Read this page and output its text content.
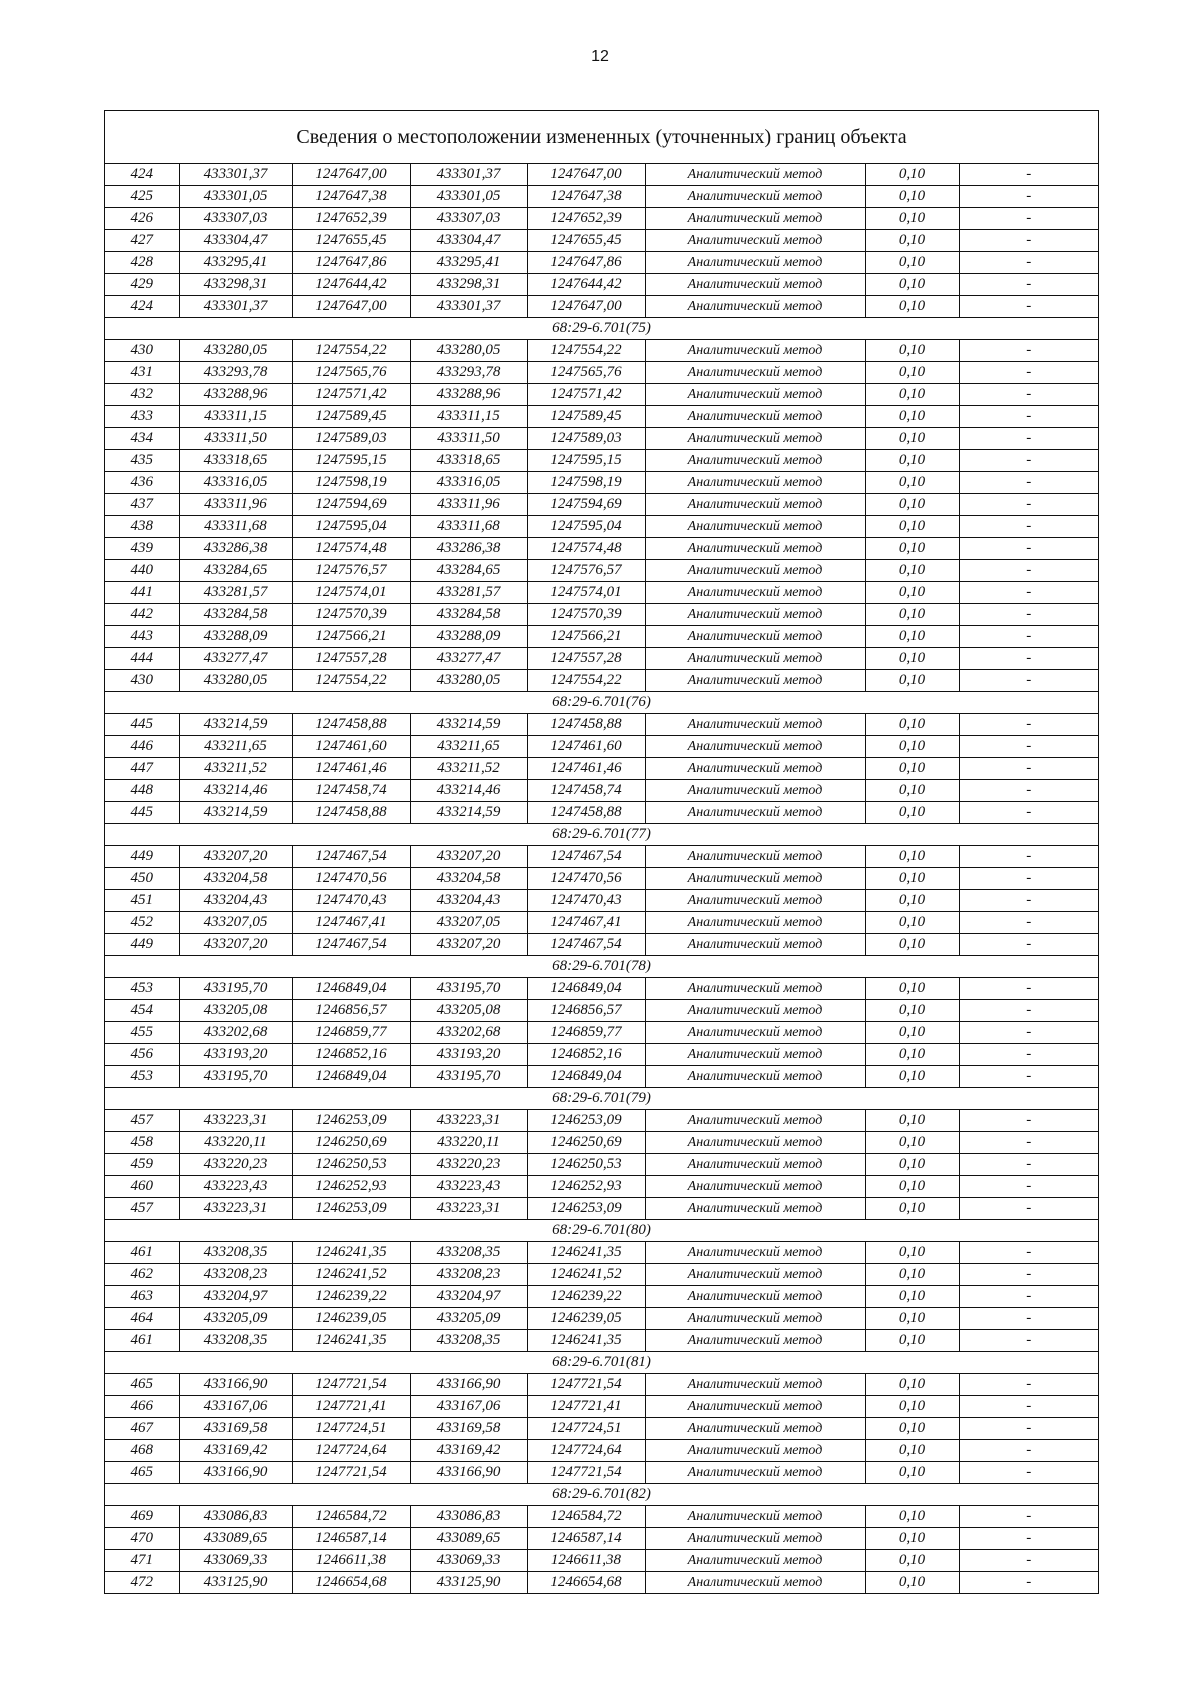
12
Сведения о местоположении измененных (уточненных) границ объекта
424	433301,37	1247647,00	433301,37	1247647,00	Аналитический метод	0,10	-
425	433301,05	1247647,38	433301,05	1247647,38	Аналитический метод	0,10	-
426	433307,03	1247652,39	433307,03	1247652,39	Аналитический метод	0,10	-
427	433304,47	1247655,45	433304,47	1247655,45	Аналитический метод	0,10	-
428	433295,41	1247647,86	433295,41	1247647,86	Аналитический метод	0,10	-
429	433298,31	1247644,42	433298,31	1247644,42	Аналитический метод	0,10	-
424	433301,37	1247647,00	433301,37	1247647,00	Аналитический метод	0,10	-
68:29-6.701(75)							
430	433280,05	1247554,22	433280,05	1247554,22	Аналитический метод	0,10	-
431	433293,78	1247565,76	433293,78	1247565,76	Аналитический метод	0,10	-
432	433288,96	1247571,42	433288,96	1247571,42	Аналитический метод	0,10	-
433	433311,15	1247589,45	433311,15	1247589,45	Аналитический метод	0,10	-
434	433311,50	1247589,03	433311,50	1247589,03	Аналитический метод	0,10	-
435	433318,65	1247595,15	433318,65	1247595,15	Аналитический метод	0,10	-
436	433316,05	1247598,19	433316,05	1247598,19	Аналитический метод	0,10	-
437	433311,96	1247594,69	433311,96	1247594,69	Аналитический метод	0,10	-
438	433311,68	1247595,04	433311,68	1247595,04	Аналитический метод	0,10	-
439	433286,38	1247574,48	433286,38	1247574,48	Аналитический метод	0,10	-
440	433284,65	1247576,57	433284,65	1247576,57	Аналитический метод	0,10	-
441	433281,57	1247574,01	433281,57	1247574,01	Аналитический метод	0,10	-
442	433284,58	1247570,39	433284,58	1247570,39	Аналитический метод	0,10	-
443	433288,09	1247566,21	433288,09	1247566,21	Аналитический метод	0,10	-
444	433277,47	1247557,28	433277,47	1247557,28	Аналитический метод	0,10	-
430	433280,05	1247554,22	433280,05	1247554,22	Аналитический метод	0,10	-
68:29-6.701(76)							
445	433214,59	1247458,88	433214,59	1247458,88	Аналитический метод	0,10	-
446	433211,65	1247461,60	433211,65	1247461,60	Аналитический метод	0,10	-
447	433211,52	1247461,46	433211,52	1247461,46	Аналитический метод	0,10	-
448	433214,46	1247458,74	433214,46	1247458,74	Аналитический метод	0,10	-
445	433214,59	1247458,88	433214,59	1247458,88	Аналитический метод	0,10	-
68:29-6.701(77)							
449	433207,20	1247467,54	433207,20	1247467,54	Аналитический метод	0,10	-
450	433204,58	1247470,56	433204,58	1247470,56	Аналитический метод	0,10	-
451	433204,43	1247470,43	433204,43	1247470,43	Аналитический метод	0,10	-
452	433207,05	1247467,41	433207,05	1247467,41	Аналитический метод	0,10	-
449	433207,20	1247467,54	433207,20	1247467,54	Аналитический метод	0,10	-
68:29-6.701(78)							
453	433195,70	1246849,04	433195,70	1246849,04	Аналитический метод	0,10	-
454	433205,08	1246856,57	433205,08	1246856,57	Аналитический метод	0,10	-
455	433202,68	1246859,77	433202,68	1246859,77	Аналитический метод	0,10	-
456	433193,20	1246852,16	433193,20	1246852,16	Аналитический метод	0,10	-
453	433195,70	1246849,04	433195,70	1246849,04	Аналитический метод	0,10	-
68:29-6.701(79)							
457	433223,31	1246253,09	433223,31	1246253,09	Аналитический метод	0,10	-
458	433220,11	1246250,69	433220,11	1246250,69	Аналитический метод	0,10	-
459	433220,23	1246250,53	433220,23	1246250,53	Аналитический метод	0,10	-
460	433223,43	1246252,93	433223,43	1246252,93	Аналитический метод	0,10	-
457	433223,31	1246253,09	433223,31	1246253,09	Аналитический метод	0,10	-
68:29-6.701(80)							
461	433208,35	1246241,35	433208,35	1246241,35	Аналитический метод	0,10	-
462	433208,23	1246241,52	433208,23	1246241,52	Аналитический метод	0,10	-
463	433204,97	1246239,22	433204,97	1246239,22	Аналитический метод	0,10	-
464	433205,09	1246239,05	433205,09	1246239,05	Аналитический метод	0,10	-
461	433208,35	1246241,35	433208,35	1246241,35	Аналитический метод	0,10	-
68:29-6.701(81)							
465	433166,90	1247721,54	433166,90	1247721,54	Аналитический метод	0,10	-
466	433167,06	1247721,41	433167,06	1247721,41	Аналитический метод	0,10	-
467	433169,58	1247724,51	433169,58	1247724,51	Аналитический метод	0,10	-
468	433169,42	1247724,64	433169,42	1247724,64	Аналитический метод	0,10	-
465	433166,90	1247721,54	433166,90	1247721,54	Аналитический метод	0,10	-
68:29-6.701(82)							
469	433086,83	1246584,72	433086,83	1246584,72	Аналитический метод	0,10	-
470	433089,65	1246587,14	433089,65	1246587,14	Аналитический метод	0,10	-
471	433069,33	1246611,38	433069,33	1246611,38	Аналитический метод	0,10	-
472	433125,90	1246654,68	433125,90	1246654,68	Аналитический метод	0,10	-
